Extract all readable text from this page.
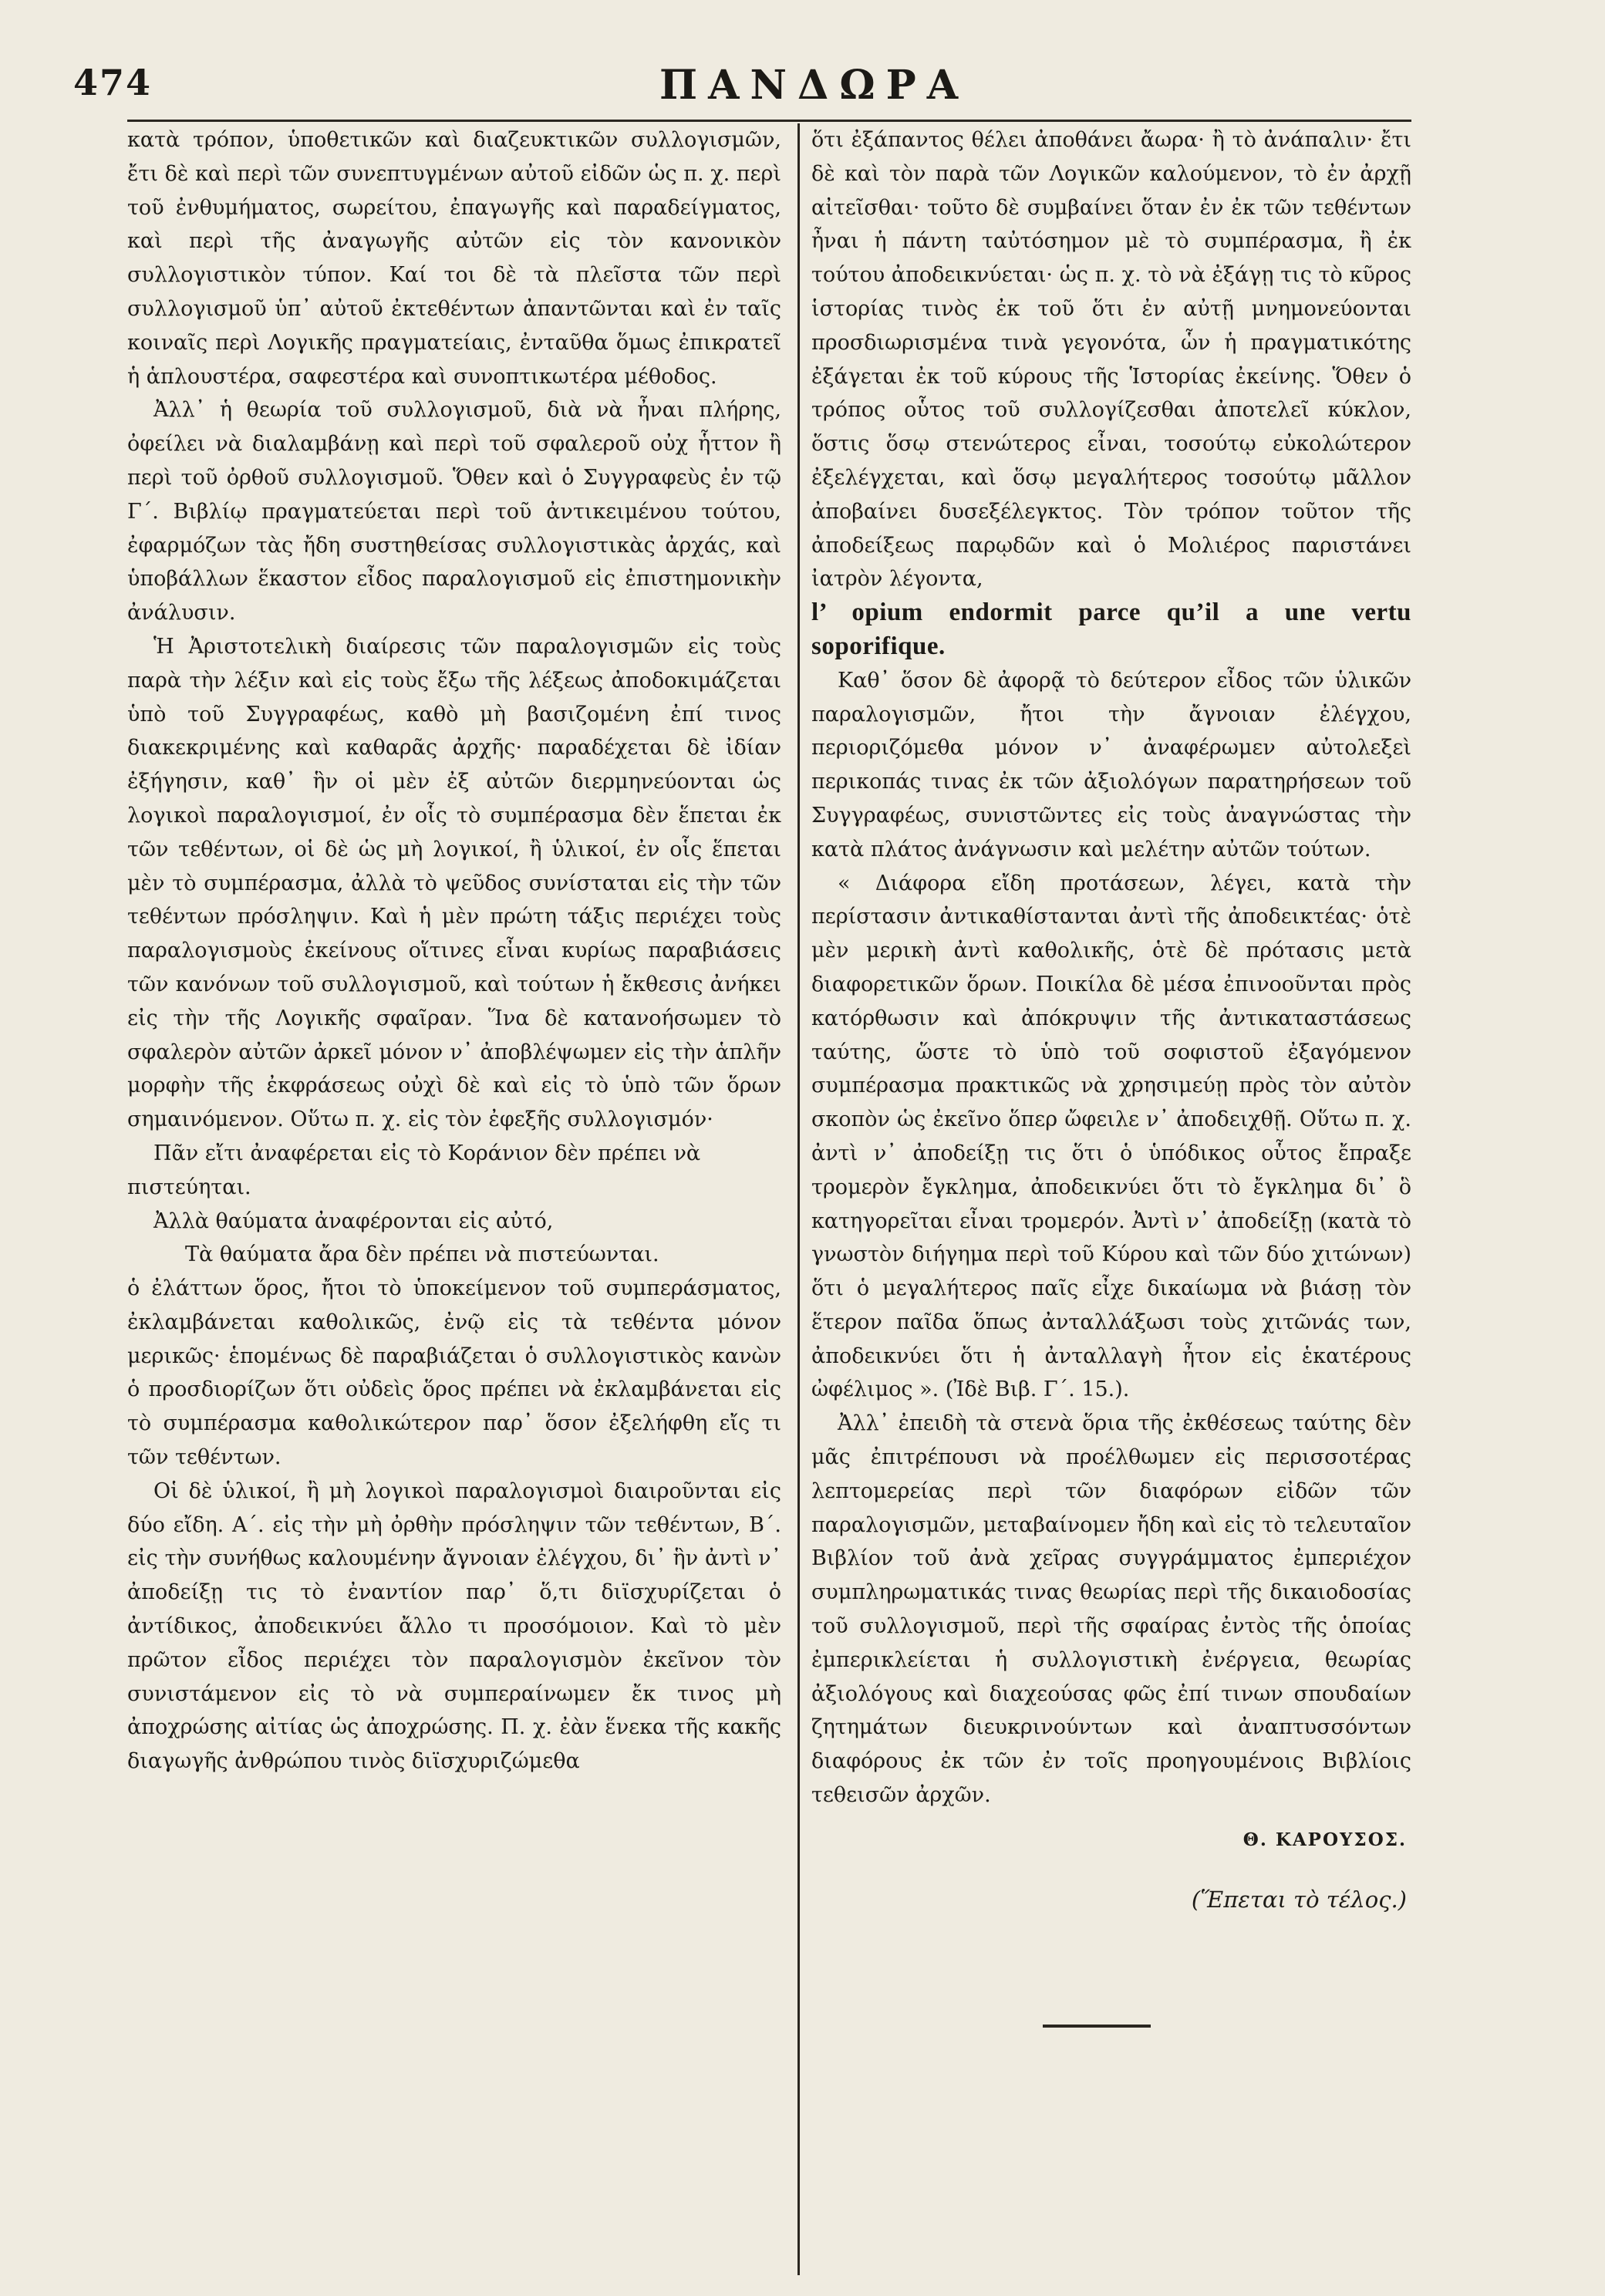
474	ΠΑΝΔΩΡΑ

κατὰ τρόπον, ὑποθετικῶν καὶ διαζευκτικῶν συλλογισμῶν, ἔτι δὲ καὶ περὶ τῶν συνεπτυγμένων αὐτοῦ εἰδῶν ὡς π. χ. περὶ τοῦ ἐνθυμήματος, σωρείτου, ἐπαγωγῆς καὶ παραδείγματος, καὶ περὶ τῆς ἀναγωγῆς αὐτῶν εἰς τὸν κανονικὸν συλλογιστικὸν τύπον. Καί τοι δὲ τὰ πλεῖστα τῶν περὶ συλλογισμοῦ ὑπ᾽ αὐτοῦ ἐκτεθέντων ἀπαντῶνται καὶ ἐν ταῖς κοιναῖς περὶ Λογικῆς πραγματείαις, ἐνταῦθα ὅμως ἐπικρατεῖ ἡ ἁπλουστέρα, σαφεστέρα καὶ συνοπτικωτέρα μέθοδος.

Ἀλλ᾽ ἡ θεωρία τοῦ συλλογισμοῦ, διὰ νὰ ἦναι πλήρης, ὀφείλει νὰ διαλαμβάνῃ καὶ περὶ τοῦ σφαλεροῦ οὐχ ἧττον ἢ περὶ τοῦ ὀρθοῦ συλλογισμοῦ. Ὅθεν καὶ ὁ Συγγραφεὺς ἐν τῷ Γ΄. Βιβλίῳ πραγματεύεται περὶ τοῦ ἀντικειμένου τούτου, ἐφαρμόζων τὰς ἤδη συστηθείσας συλλογιστικὰς ἀρχάς, καὶ ὑποβάλλων ἕκαστον εἶδος παραλογισμοῦ εἰς ἐπιστημονικὴν ἀνάλυσιν.

Ἡ Ἀριστοτελικὴ διαίρεσις τῶν παραλογισμῶν εἰς τοὺς παρὰ τὴν λέξιν καὶ εἰς τοὺς ἔξω τῆς λέξεως ἀποδοκιμάζεται ὑπὸ τοῦ Συγγραφέως, καθὸ μὴ βασιζομένη ἐπί τινος διακεκριμένης καὶ καθαρᾶς ἀρχῆς· παραδέχεται δὲ ἰδίαν ἐξήγησιν, καθ᾽ ἣν οἱ μὲν ἐξ αὐτῶν διερμηνεύονται ὡς λογικοὶ παραλογισμοί, ἐν οἷς τὸ συμπέρασμα δὲν ἕπεται ἐκ τῶν τεθέντων, οἱ δὲ ὡς μὴ λογικοί, ἢ ὑλικοί, ἐν οἷς ἕπεται μὲν τὸ συμπέρασμα, ἀλλὰ τὸ ψεῦδος συνίσταται εἰς τὴν τῶν τεθέντων πρόσληψιν. Καὶ ἡ μὲν πρώτη τάξις περιέχει τοὺς παραλογισμοὺς ἐκείνους οἵτινες εἶναι κυρίως παραβιάσεις τῶν κανόνων τοῦ συλλογισμοῦ, καὶ τούτων ἡ ἔκθεσις ἀνήκει εἰς τὴν τῆς Λογικῆς σφαῖραν. Ἵνα δὲ κατανοήσωμεν τὸ σφαλερὸν αὐτῶν ἀρκεῖ μόνον ν᾽ ἀποβλέψωμεν εἰς τὴν ἁπλῆν μορφὴν τῆς ἐκφράσεως οὐχὶ δὲ καὶ εἰς τὸ ὑπὸ τῶν ὅρων σημαινόμενον. Οὕτω π. χ. εἰς τὸν ἐφεξῆς συλλογισμόν·

Πᾶν εἴτι ἀναφέρεται εἰς τὸ Κοράνιον δὲν πρέπει νὰ πιστεύηται.

Ἀλλὰ θαύματα ἀναφέρονται εἰς αὐτό,

Τὰ θαύματα ἄρα δὲν πρέπει νὰ πιστεύωνται.

ὁ ἐλάττων ὅρος, ἤτοι τὸ ὑποκείμενον τοῦ συμπεράσματος, ἐκλαμβάνεται καθολικῶς, ἐνῷ εἰς τὰ τεθέντα μόνον μερικῶς· ἑπομένως δὲ παραβιάζεται ὁ συλλογιστικὸς κανὼν ὁ προσδιορίζων ὅτι οὐδεὶς ὅρος πρέπει νὰ ἐκλαμβάνεται εἰς τὸ συμπέρασμα καθολικώτερον παρ᾽ ὅσον ἐξελήφθη εἴς τι τῶν τεθέντων.

Οἱ δὲ ὑλικοί, ἢ μὴ λογικοὶ παραλογισμοὶ διαιροῦνται εἰς δύο εἴδη. Α΄. εἰς τὴν μὴ ὀρθὴν πρόσληψιν τῶν τεθέντων, Β΄. εἰς τὴν συνήθως καλουμένην ἄγνοιαν ἐλέγχου, δι᾽ ἣν ἀντὶ ν᾽ ἀποδείξῃ τις τὸ ἐναντίον παρ᾽ ὅ,τι διϊσχυρίζεται ὁ ἀντίδικος, ἀποδεικνύει ἄλλο τι προσόμοιον. Καὶ τὸ μὲν πρῶτον εἶδος περιέχει τὸν παραλογισμὸν ἐκεῖνον τὸν συνιστάμενον εἰς τὸ νὰ συμπεραίνωμεν ἔκ τινος μὴ ἀποχρώσης αἰτίας ὡς ἀποχρώσης. Π. χ. ἐὰν ἕνεκα τῆς κακῆς διαγωγῆς ἀνθρώπου τινὸς διϊσχυριζώμεθα

ὅτι ἐξάπαντος θέλει ἀποθάνει ἄωρα· ἢ τὸ ἀνάπαλιν· ἔτι δὲ καὶ τὸν παρὰ τῶν Λογικῶν καλούμενον, τὸ ἐν ἀρχῇ αἰτεῖσθαι· τοῦτο δὲ συμβαίνει ὅταν ἐν ἐκ τῶν τεθέντων ἦναι ἡ πάντη ταὐτόσημον μὲ τὸ συμπέρασμα, ἢ ἐκ τούτου ἀποδεικνύεται· ὡς π. χ. τὸ νὰ ἐξάγῃ τις τὸ κῦρος ἱστορίας τινὸς ἐκ τοῦ ὅτι ἐν αὐτῇ μνημονεύονται προσδιωρισμένα τινὰ γεγονότα, ὧν ἡ πραγματικότης ἐξάγεται ἐκ τοῦ κύρους τῆς Ἱστορίας ἐκείνης. Ὅθεν ὁ τρόπος οὗτος τοῦ συλλογίζεσθαι ἀποτελεῖ κύκλον, ὅστις ὅσῳ στενώτερος εἶναι, τοσούτῳ εὐκολώτερον ἐξελέγχεται, καὶ ὅσῳ μεγαλήτερος τοσούτῳ μᾶλλον ἀποβαίνει δυσεξέλεγκτος. Τὸν τρόπον τοῦτον τῆς ἀποδείξεως παρῳδῶν καὶ ὁ Μολιέρος παριστάνει ἰατρὸν λέγοντα,

l’ opium endormit parce qu’il a une vertu soporifique.

Καθ᾽ ὅσον δὲ ἀφορᾷ τὸ δεύτερον εἶδος τῶν ὑλικῶν παραλογισμῶν, ἤτοι τὴν ἄγνοιαν ἐλέγχου, περιοριζόμεθα μόνον ν᾽ ἀναφέρωμεν αὐτολεξεὶ περικοπάς τινας ἐκ τῶν ἀξιολόγων παρατηρήσεων τοῦ Συγγραφέως, συνιστῶντες εἰς τοὺς ἀναγνώστας τὴν κατὰ πλάτος ἀνάγνωσιν καὶ μελέτην αὐτῶν τούτων.

« Διάφορα εἴδη προτάσεων, λέγει, κατὰ τὴν περίστασιν ἀντικαθίστανται ἀντὶ τῆς ἀποδεικτέας· ὁτὲ μὲν μερικὴ ἀντὶ καθολικῆς, ὁτὲ δὲ πρότασις μετὰ διαφορετικῶν ὅρων. Ποικίλα δὲ μέσα ἐπινοοῦνται πρὸς κατόρθωσιν καὶ ἀπόκρυψιν τῆς ἀντικαταστάσεως ταύτης, ὥστε τὸ ὑπὸ τοῦ σοφιστοῦ ἐξαγόμενον συμπέρασμα πρακτικῶς νὰ χρησιμεύῃ πρὸς τὸν αὐτὸν σκοπὸν ὡς ἐκεῖνο ὅπερ ὤφειλε ν᾽ ἀποδειχθῇ. Οὕτω π. χ. ἀντὶ ν᾽ ἀποδείξῃ τις ὅτι ὁ ὑπόδικος οὗτος ἔπραξε τρομερὸν ἔγκλημα, ἀποδεικνύει ὅτι τὸ ἔγκλημα δι᾽ ὃ κατηγορεῖται εἶναι τρομερόν. Ἀντὶ ν᾽ ἀποδείξῃ (κατὰ τὸ γνωστὸν διήγημα περὶ τοῦ Κύρου καὶ τῶν δύο χιτώνων) ὅτι ὁ μεγαλήτερος παῖς εἶχε δικαίωμα νὰ βιάσῃ τὸν ἕτερον παῖδα ὅπως ἀνταλλάξωσι τοὺς χιτῶνάς των, ἀποδεικνύει ὅτι ἡ ἀνταλλαγὴ ἦτον εἰς ἑκατέρους ὠφέλιμος ». (Ἰδὲ Βιβ. Γ΄. 15.).

Ἀλλ᾽ ἐπειδὴ τὰ στενὰ ὅρια τῆς ἐκθέσεως ταύτης δὲν μᾶς ἐπιτρέπουσι νὰ προέλθωμεν εἰς περισσοτέρας λεπτομερείας περὶ τῶν διαφόρων εἰδῶν τῶν παραλογισμῶν, μεταβαίνομεν ἤδη καὶ εἰς τὸ τελευταῖον Βιβλίον τοῦ ἀνὰ χεῖρας συγγράμματος ἐμπεριέχον συμπληρωματικάς τινας θεωρίας περὶ τῆς δικαιοδοσίας τοῦ συλλογισμοῦ, περὶ τῆς σφαίρας ἐντὸς τῆς ὁποίας ἐμπερικλείεται ἡ συλλογιστικὴ ἐνέργεια, θεωρίας ἀξιολόγους καὶ διαχεούσας φῶς ἐπί τινων σπουδαίων ζητημάτων διευκρινούντων καὶ ἀναπτυσσόντων διαφόρους ἐκ τῶν ἐν τοῖς προηγουμένοις Βιβλίοις τεθεισῶν ἀρχῶν.

Θ. ΚΑΡΟΥΣΟΣ.

(Ἕπεται τὸ τέλος.)
